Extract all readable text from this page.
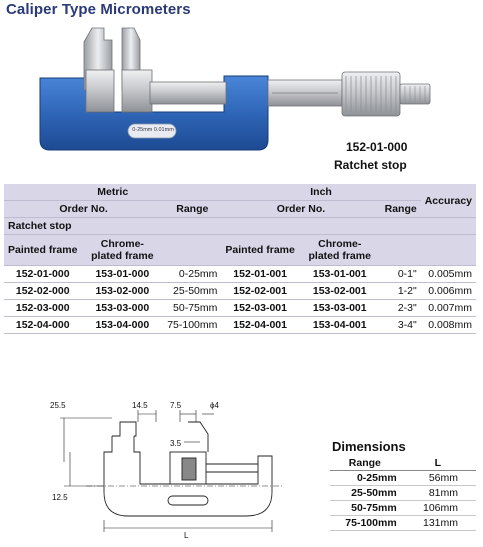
Caliper Type Micrometers
0-25mm 0.01mm
152-01-000
Ratchet stop
Metric			Inch			Accuracy
Order No.		Range	Order No.		Range	
Ratchet stop						
Painted frame	Chrome-plated frame		Painted frame	Chrome-plated frame		
152-01-000	153-01-000	0-25mm	152-01-001	153-01-001	0-1"	0.005mm
152-02-000	153-02-000	25-50mm	152-02-001	153-02-001	1-2"	0.006mm
152-03-000	153-03-000	50-75mm	152-03-001	153-03-001	2-3"	0.007mm
152-04-000	153-04-000	75-100mm	152-04-001	153-04-001	3-4"	0.008mm
25.5	14.5	7.5	ϕ4
3.5
12.5
L
Dimensions
Range	L
0-25mm	56mm
25-50mm	81mm
50-75mm	106mm
75-100mm	131mm
